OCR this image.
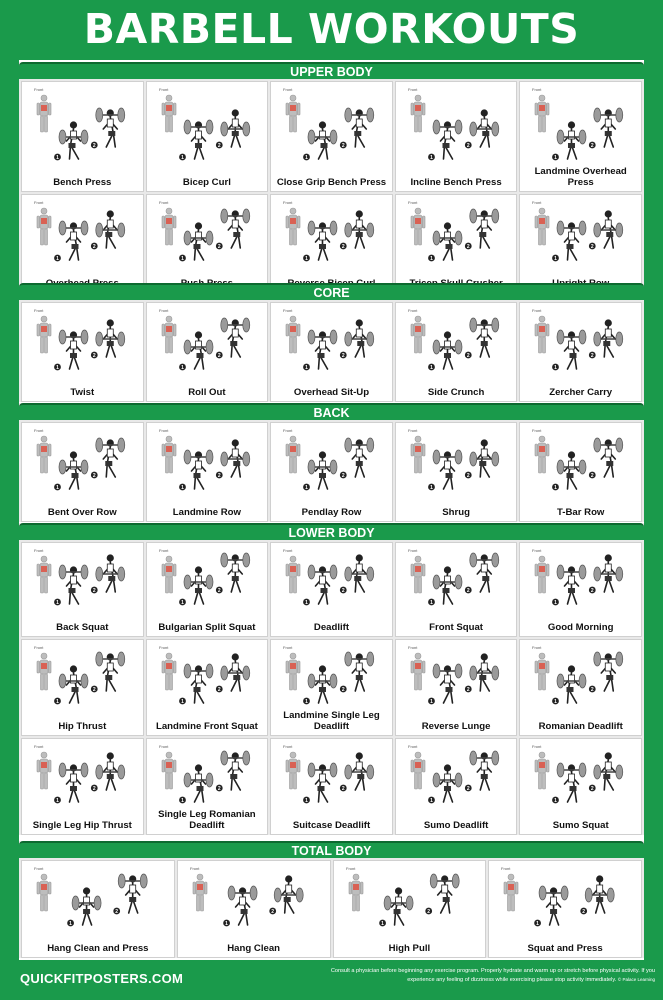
BARBELL WORKOUTS
UPPER BODY
Front
1
2
Bench Press
Front
1
2
Bicep Curl
Front
1
2
Close Grip Bench Press
Front
1
2
Incline Bench Press
Front
1
2
Landmine Overhead Press
Front
1
2
Front
1
2
Front
1
2
Front
1
2
Front
1
2
CORE
Front
1
2
Twist
Front
1
2
Roll Out
Front
1
2
Overhead Sit-Up
Front
1
2
Side Crunch
Front
1
2
Zercher Carry
BACK
Front
1
2
Bent Over Row
Front
1
2
Landmine Row
Front
1
2
Pendlay Row
Front
1
2
Shrug
Front
1
2
T-Bar Row
LOWER BODY
Front
1
2
Back Squat
Front
1
2
Bulgarian Split Squat
Front
1
2
Deadlift
Front
1
2
Front Squat
Front
1
2
Good Morning
Front
1
2
Hip Thrust
Front
1
2
Landmine Front Squat
Front
1
2
Landmine Single Leg Deadlift
Front
1
2
Reverse Lunge
Front
1
2
Romanian Deadlift
Front
1
2
Single Leg Hip Thrust
Front
1
2
Single Leg Romanian Deadlift
Front
1
2
Suitcase Deadlift
Front
1
2
Sumo Deadlift
Front
1
2
Sumo Squat
TOTAL BODY
Front
1
2
Hang Clean and Press
Front
1
2
Hang Clean
Front
1
2
High Pull
Front
1
2
Squat and Press
QUICKFITPOSTERS.COM	Consult a physician before beginning any exercise program. Properly hydrate and warm up or stretch before physical activity. If you experience any feeling of dizziness while exercising please stop activity immediately. © Palace Learning
